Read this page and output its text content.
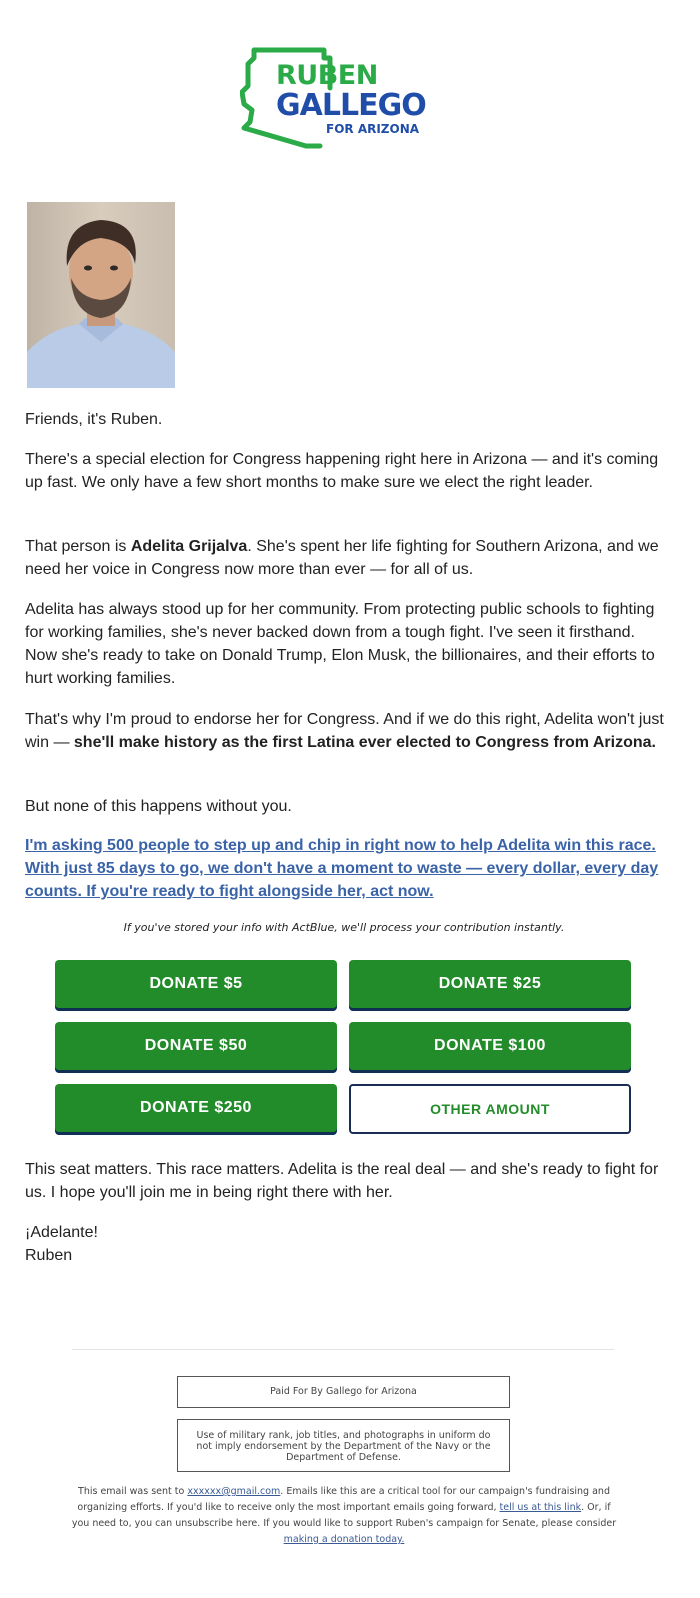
RUBEN
GALLEGO
FOR ARIZONA

Friends, it's Ruben.

There's a special election for Congress happening right here in Arizona — and it's coming up fast. We only have a few short months to make sure we elect the right leader.

That person is Adelita Grijalva. She's spent her life fighting for Southern Arizona, and we need her voice in Congress now more than ever — for all of us.

Adelita has always stood up for her community. From protecting public schools to fighting for working families, she's never backed down from a tough fight. I've seen it firsthand. Now she's ready to take on Donald Trump, Elon Musk, the billionaires, and their efforts to hurt working families.

That's why I'm proud to endorse her for Congress. And if we do this right, Adelita won't just win — she'll make history as the first Latina ever elected to Congress from Arizona.

But none of this happens without you.

I'm asking 500 people to step up and chip in right now to help Adelita win this race. With just 85 days to go, we don't have a moment to waste — every dollar, every day counts. If you're ready to fight alongside her, act now.

If you've stored your info with ActBlue, we'll process your contribution instantly.
DONATE $5	DONATE $25
DONATE $50	DONATE $100
DONATE $250	OTHER AMOUNT

This seat matters. This race matters. Adelita is the real deal — and she's ready to fight for us. I hope you'll join me in being right there with her.

¡Adelante!

Ruben

Paid For By Gallego for Arizona
Use of military rank, job titles, and photographs in uniform do not imply endorsement by the Department of the Navy or the Department of Defense.

This email was sent to xxxxxx@gmail.com. Emails like this are a critical tool for our campaign's fundraising and organizing efforts. If you'd like to receive only the most important emails going forward, tell us at this link. Or, if you need to, you can unsubscribe here. If you would like to support Ruben's campaign for Senate, please consider making a donation today.
